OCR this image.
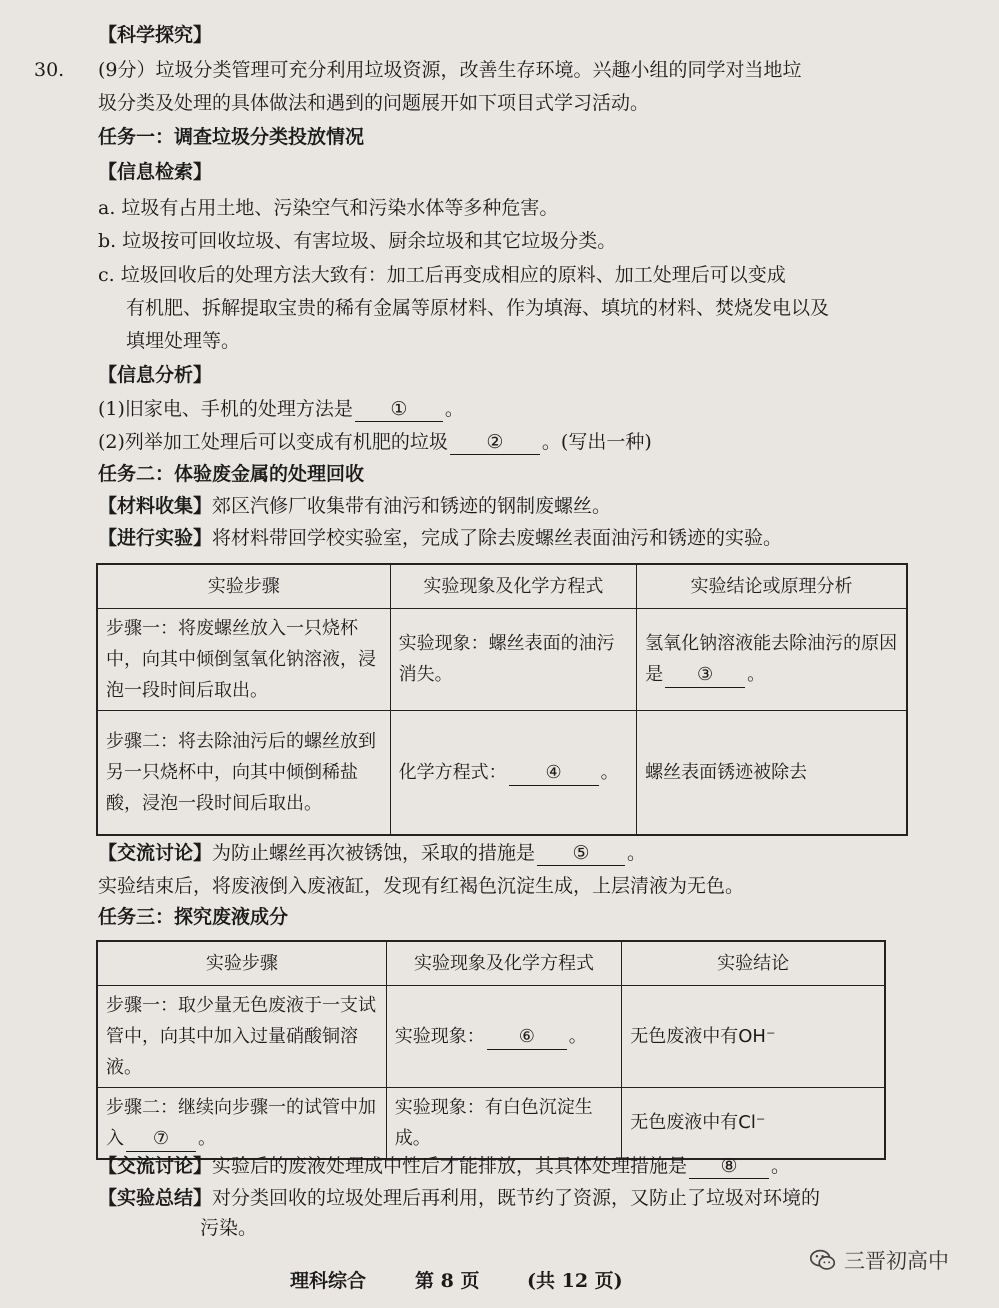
【科学探究】
30. (9分）垃圾分类管理可充分利用垃圾资源，改善生存环境。兴趣小组的同学对当地垃
圾分类及处理的具体做法和遇到的问题展开如下项目式学习活动。
任务一：调查垃圾分类投放情况
【信息检索】
a. 垃圾有占用土地、污染空气和污染水体等多种危害。
b. 垃圾按可回收垃圾、有害垃圾、厨余垃圾和其它垃圾分类。
c. 垃圾回收后的处理方法大致有：加工后再变成相应的原料、加工处理后可以变成
有机肥、拆解提取宝贵的稀有金属等原材料、作为填海、填坑的材料、焚烧发电以及
填埋处理等。
【信息分析】
(1)旧家电、手机的处理方法是 ① 。
(2)列举加工处理后可以变成有机肥的垃圾 ② 。(写出一种)
任务二：体验废金属的处理回收
【材料收集】郊区汽修厂收集带有油污和锈迹的钢制废螺丝。
【进行实验】将材料带回学校实验室，完成了除去废螺丝表面油污和锈迹的实验。
实验步骤	实验现象及化学方程式	实验结论或原理分析
步骤一：将废螺丝放入一只烧杯中，向其中倾倒氢氧化钠溶液，浸泡一段时间后取出。	实验现象：螺丝表面的油污消失。	氢氧化钠溶液能去除油污的原因是 ③ 。
步骤二：将去除油污后的螺丝放到另一只烧杯中，向其中倾倒稀盐酸，浸泡一段时间后取出。	化学方程式： ④ 。	螺丝表面锈迹被除去
【交流讨论】为防止螺丝再次被锈蚀，采取的措施是 ⑤ 。
实验结束后，将废液倒入废液缸，发现有红褐色沉淀生成，上层清液为无色。
任务三：探究废液成分
实验步骤	实验现象及化学方程式	实验结论
步骤一：取少量无色废液于一支试管中，向其中加入过量硝酸铜溶液。	实验现象： ⑥ 。	无色废液中有OH⁻
步骤二：继续向步骤一的试管中加入 ⑦ 。	实验现象：有白色沉淀生成。	无色废液中有Cl⁻
【交流讨论】实验后的废液处理成中性后才能排放，其具体处理措施是 ⑧ 。
【实验总结】对分类回收的垃圾处理后再利用，既节约了资源，又防止了垃圾对环境的
污染。
理科综合	第 8 页	(共 12 页)
三晋初高中
